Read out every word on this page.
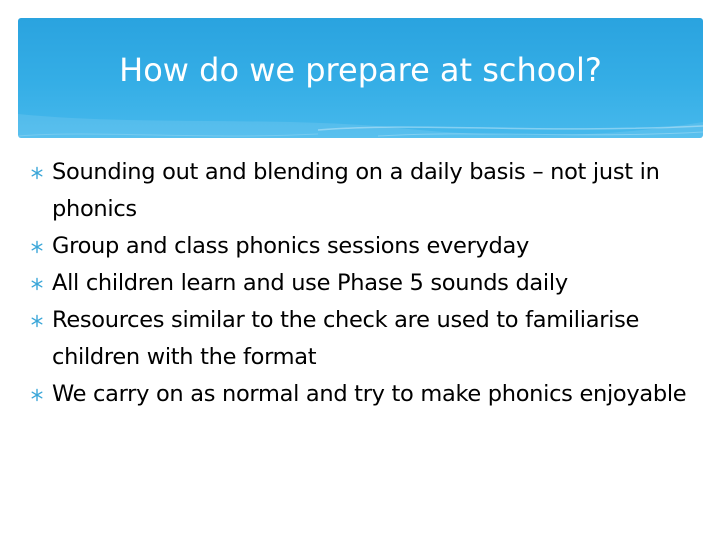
How do we prepare at school?
Sounding out and blending on a daily basis – not just in phonics
Group and class phonics sessions everyday
All children learn and use Phase 5 sounds daily
Resources similar to the check are used to familiarise children with the format
We carry on as normal and try to make phonics enjoyable
